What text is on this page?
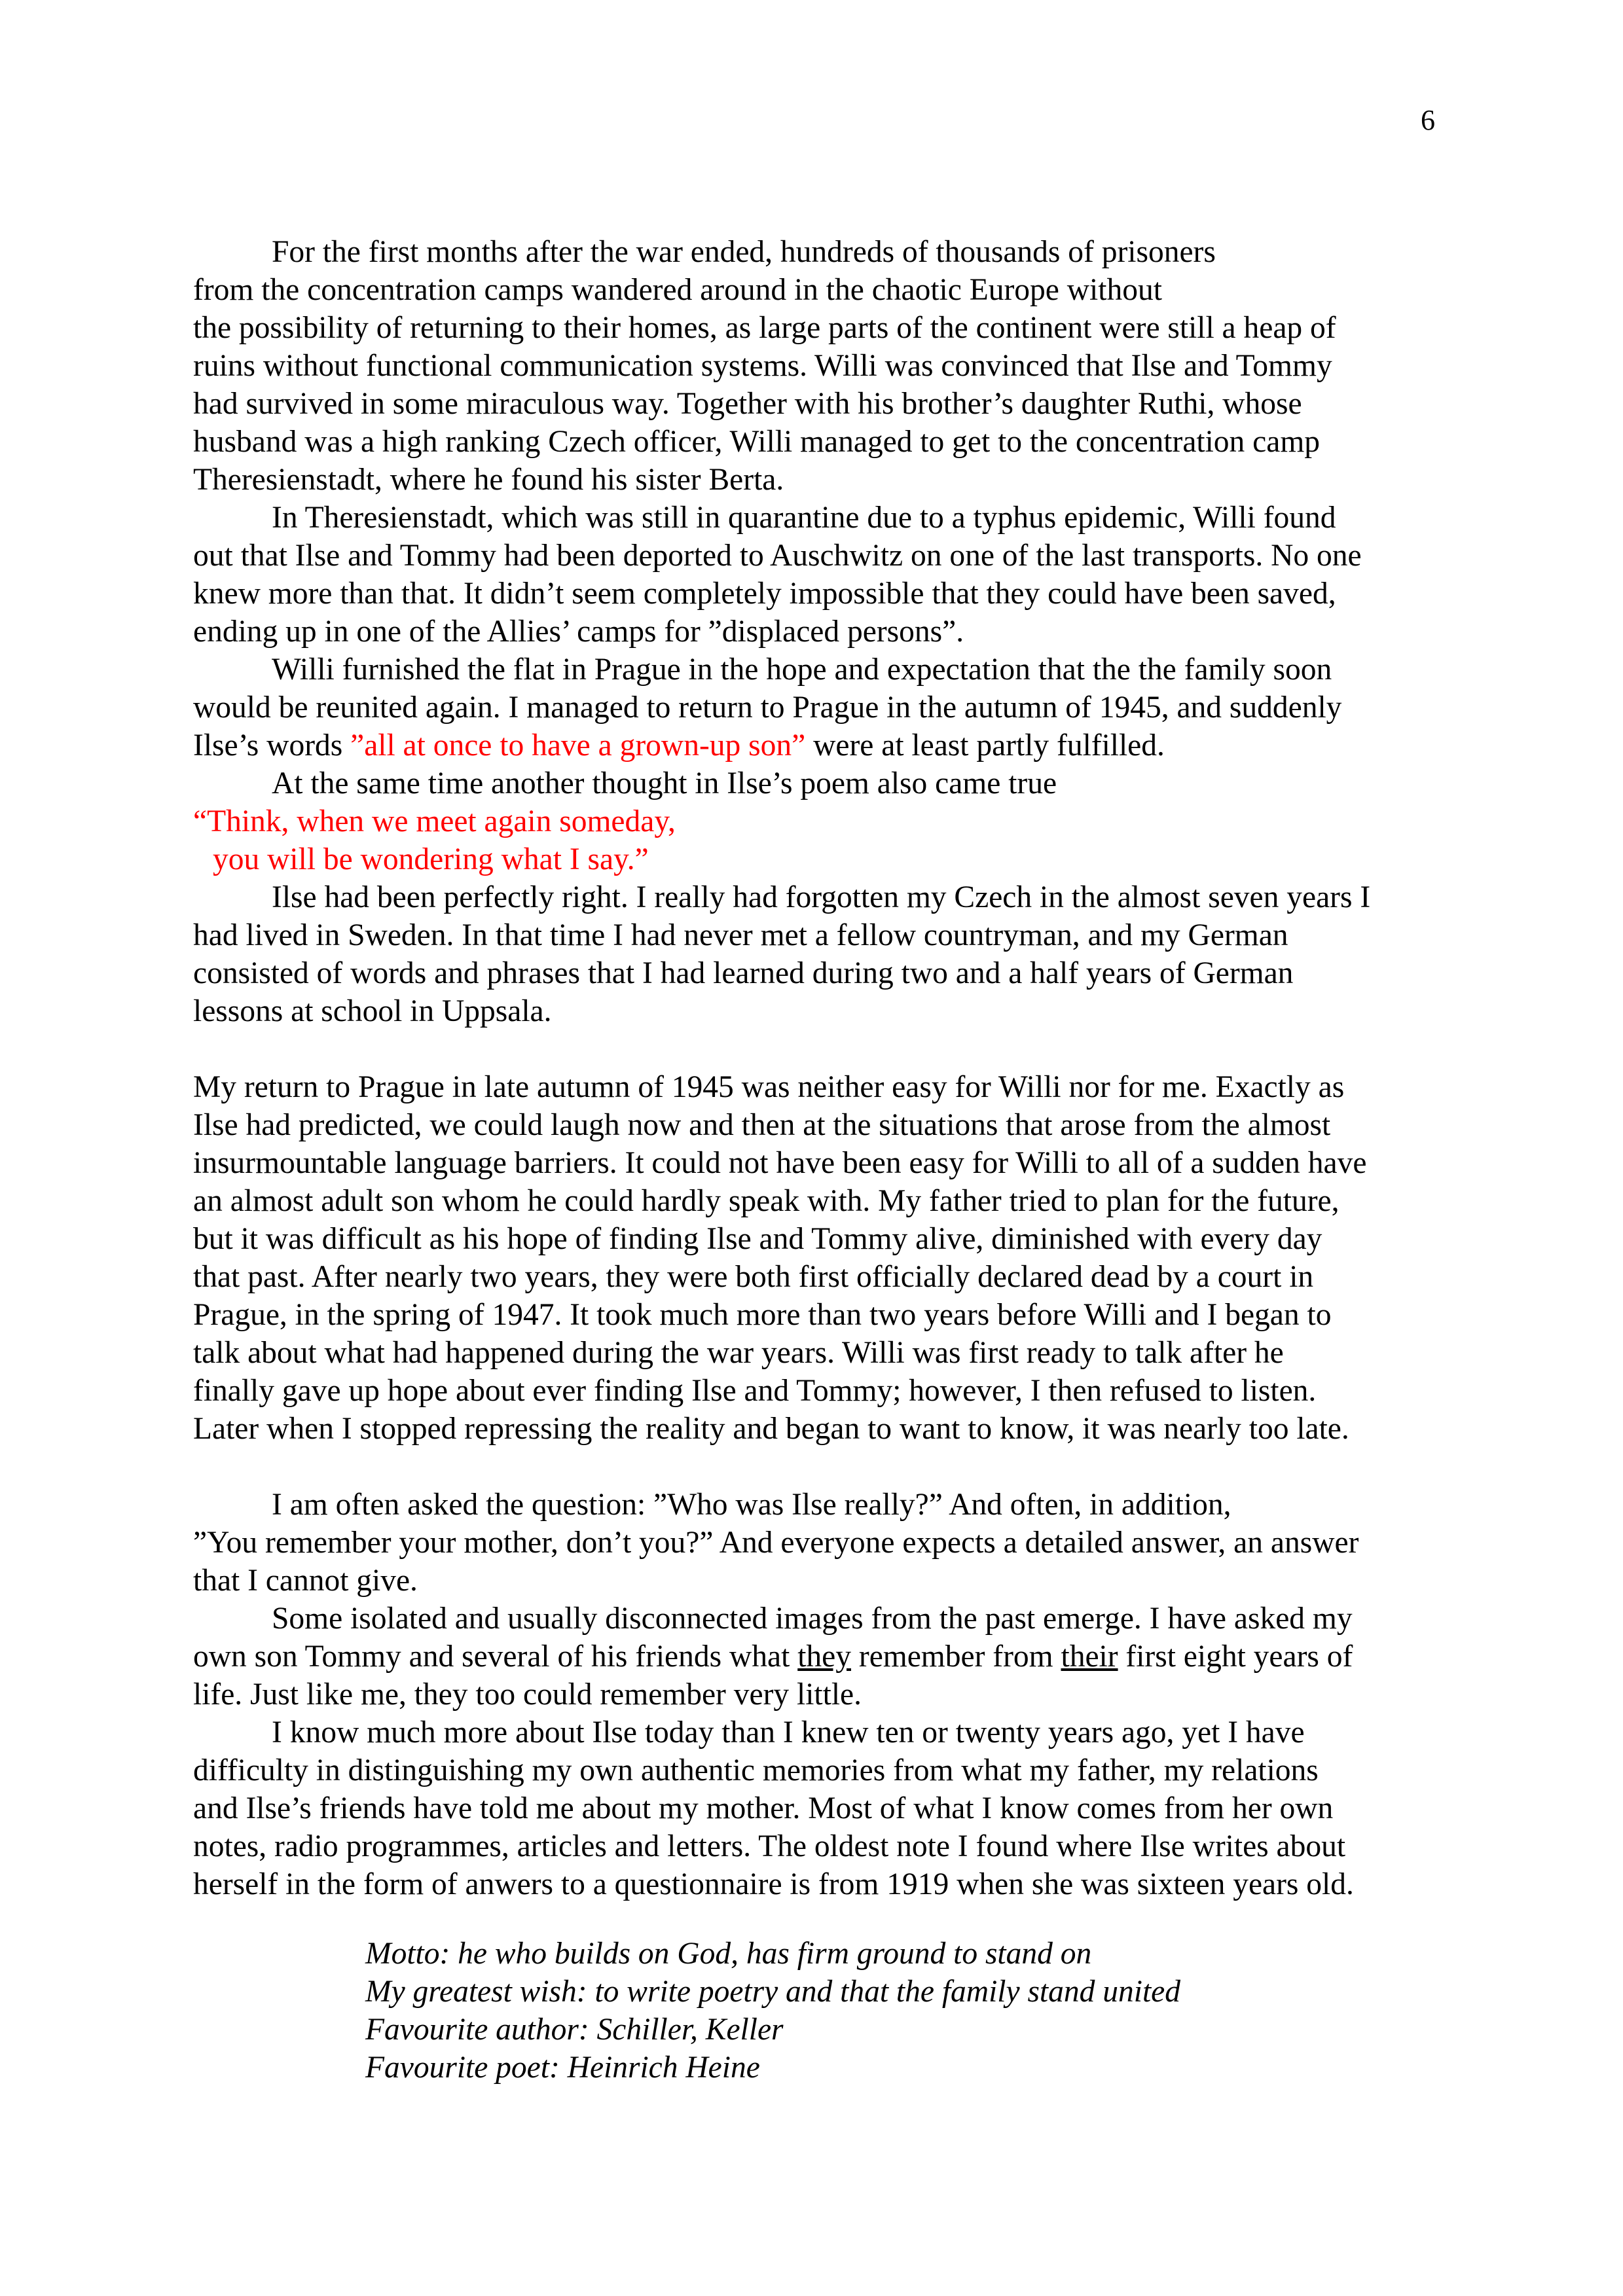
6
For the first months after the war ended, hundreds of thousands of prisoners
from the concentration camps wandered around in the chaotic Europe without
the possibility of returning to their homes, as large parts of the continent were still a heap of
ruins without functional communication systems. Willi was convinced that Ilse and Tommy
had survived in some miraculous way. Together with his brother’s daughter Ruthi, whose
husband was a high ranking Czech officer, Willi managed to get to the concentration camp
Theresienstadt, where he found his sister Berta.
In Theresienstadt, which was still in quarantine due to a typhus epidemic, Willi found
out that Ilse and Tommy had been deported to Auschwitz on one of the last transports. No one
knew more than that. It didn’t seem completely impossible that they could have been saved,
ending up in one of the Allies’ camps for ”displaced persons”.
Willi furnished the flat in Prague in the hope and expectation that the the family soon
would be reunited again. I managed to return to Prague in the autumn of 1945, and suddenly
Ilse’s words ”all at once to have a grown-up son” were at least partly fulfilled.
At the same time another thought in Ilse’s poem also came true
“Think, when we meet again someday,
you will be wondering what I say.”
Ilse had been perfectly right. I really had forgotten my Czech in the almost seven years I
had lived in Sweden. In that time I had never met a fellow countryman, and my German
consisted of words and phrases that I had learned during two and a half years of German
lessons at school in Uppsala.
My return to Prague in late autumn of 1945 was neither easy for Willi nor for me. Exactly as
Ilse had predicted, we could laugh now and then at the situations that arose from the almost
insurmountable language barriers. It could not have been easy for Willi to all of a sudden have
an almost adult son whom he could hardly speak with. My father tried to plan for the future,
but it was difficult as his hope of finding Ilse and Tommy alive, diminished with every day
that past. After nearly two years, they were both first officially declared dead by a court in
Prague, in the spring of 1947. It took much more than two years before Willi and I began to
talk about what had happened during the war years. Willi was first ready to talk after he
finally gave up hope about ever finding Ilse and Tommy; however, I then refused to listen.
Later when I stopped repressing the reality and began to want to know, it was nearly too late.
I am often asked the question: ”Who was Ilse really?” And often, in addition,
”You remember your mother, don’t you?” And everyone expects a detailed answer, an answer
that I cannot give.
Some isolated and usually disconnected images from the past emerge. I have asked my
own son Tommy and several of his friends what they remember from their first eight years of
life. Just like me, they too could remember very little.
I know much more about Ilse today than I knew ten or twenty years ago, yet I have
difficulty in distinguishing my own authentic memories from what my father, my relations
and Ilse’s friends have told me about my mother. Most of what I know comes from her own
notes, radio programmes, articles and letters. The oldest note I found where Ilse writes about
herself in the form of anwers to a questionnaire is from 1919 when she was sixteen years old.
Motto: he who builds on God, has firm ground to stand on
My greatest wish: to write poetry and that the family stand united
Favourite author: Schiller, Keller
Favourite poet: Heinrich Heine
